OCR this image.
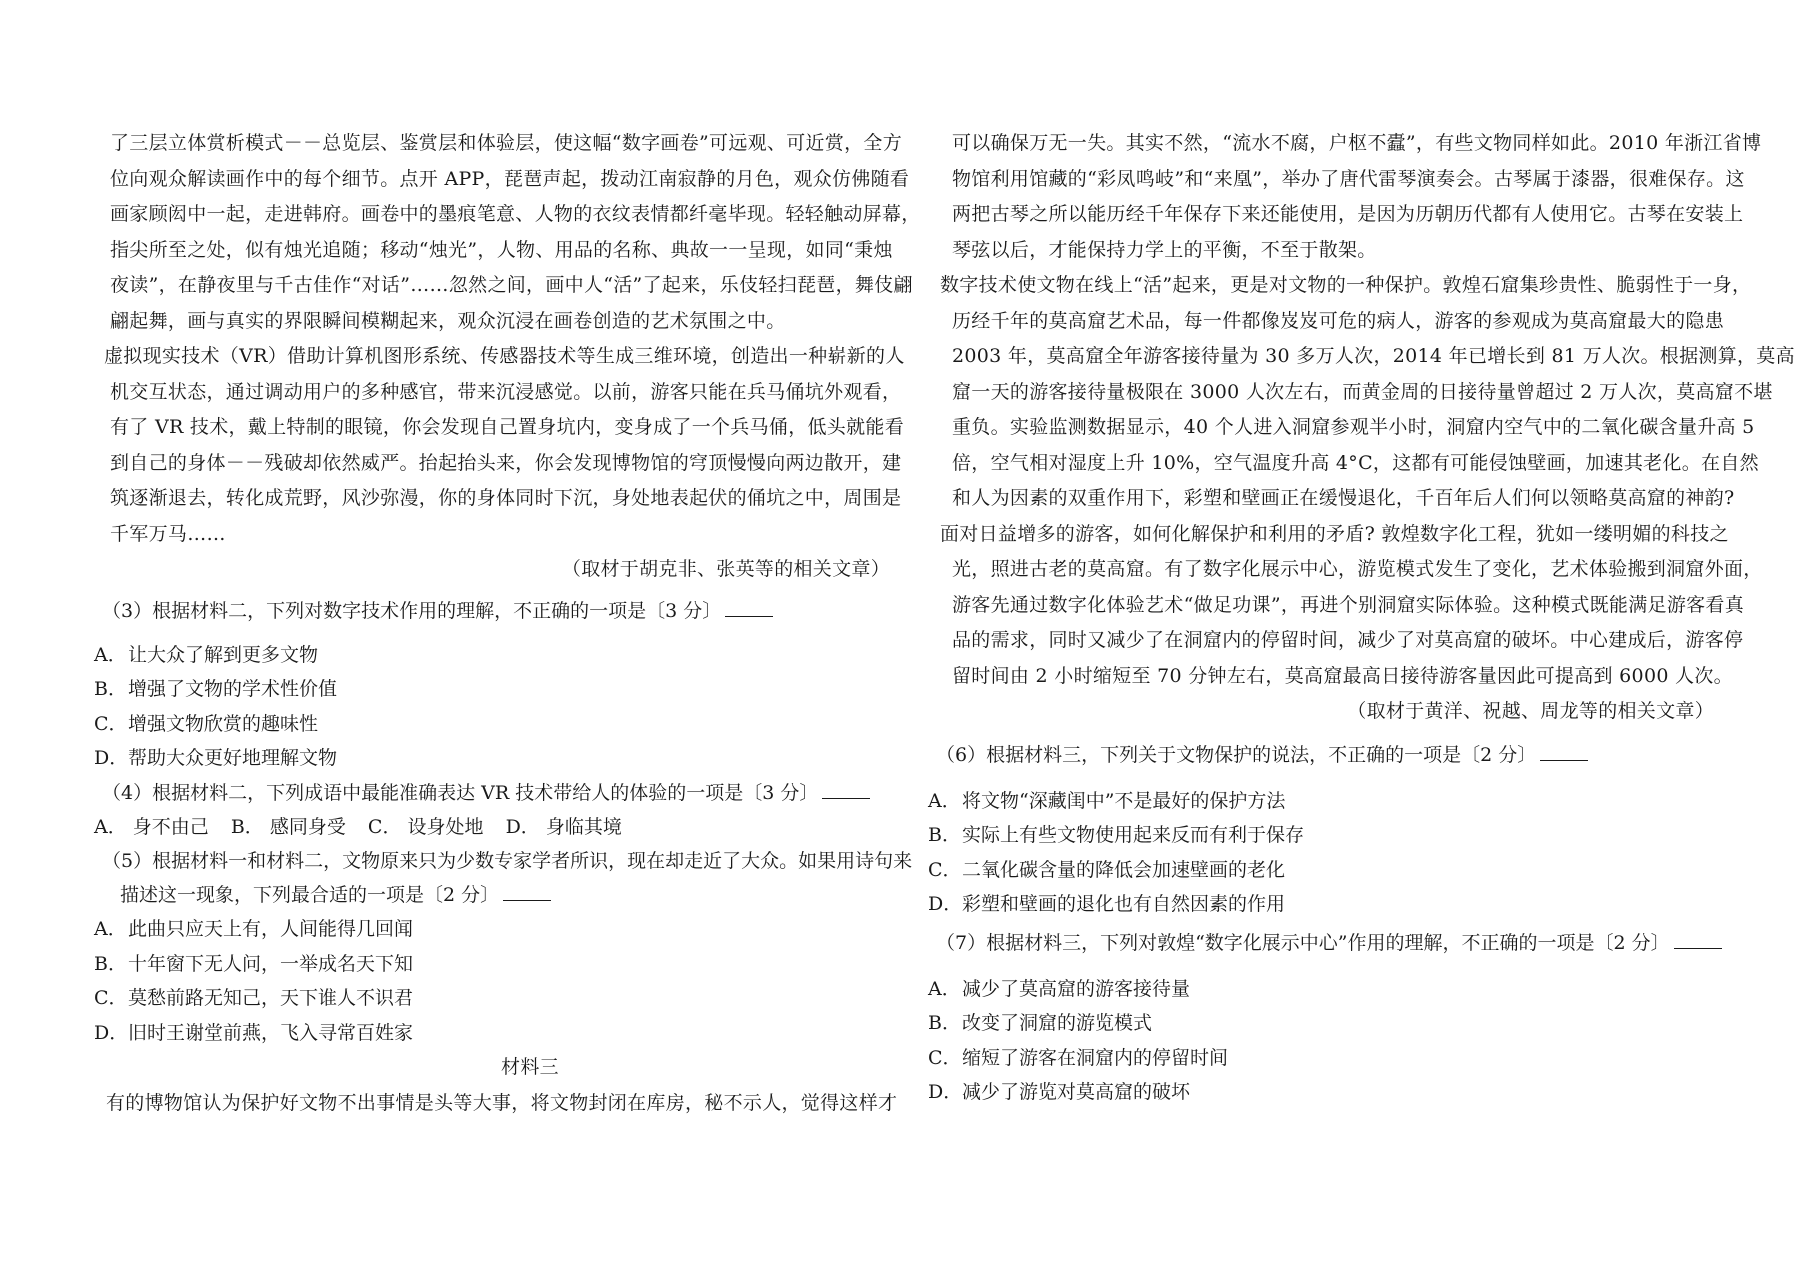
了三层立体赏析模式－－总览层、鉴赏层和体验层，使这幅“数字画卷”可远观、可近赏，全方
位向观众解读画作中的每个细节。点开 APP，琵琶声起，拨动江南寂静的月色，观众仿佛随看
画家顾闳中一起，走进韩府。画卷中的墨痕笔意、人物的衣纹表情都纤毫毕现。轻轻触动屏幕，
指尖所至之处，似有烛光追随；移动“烛光”，人物、用品的名称、典故一一呈现，如同“秉烛
夜读”，在静夜里与千古佳作“对话”……忽然之间，画中人“活”了起来，乐伎轻扫琵琶，舞伎翩
翩起舞，画与真实的界限瞬间模糊起来，观众沉浸在画卷创造的艺术氛围之中。
虚拟现实技术（VR）借助计算机图形系统、传感器技术等生成三维环境，创造出一种崭新的人
机交互状态，通过调动用户的多种感官，带来沉浸感觉。以前，游客只能在兵马俑坑外观看，
有了 VR 技术，戴上特制的眼镜，你会发现自己置身坑内，变身成了一个兵马俑，低头就能看
到自己的身体－－残破却依然威严。抬起抬头来，你会发现博物馆的穹顶慢慢向两边散开，建
筑逐渐退去，转化成荒野，风沙弥漫，你的身体同时下沉，身处地表起伏的俑坑之中，周围是
千军万马……
（取材于胡克非、张英等的相关文章）
（3）根据材料二，下列对数字技术作用的理解，不正确的一项是〔3 分〕
A．让大众了解到更多文物
B．增强了文物的学术性价值
C．增强文物欣赏的趣味性
D．帮助大众更好地理解文物
（4）根据材料二，下列成语中最能准确表达 VR 技术带给人的体验的一项是〔3 分〕
A． 身不由己 B． 感同身受 C． 设身处地 D． 身临其境
（5）根据材料一和材料二，文物原来只为少数专家学者所识，现在却走近了大众。如果用诗句来
描述这一现象，下列最合适的一项是〔2 分〕
A．此曲只应天上有，人间能得几回闻
B．十年窗下无人问，一举成名天下知
C．莫愁前路无知己，天下谁人不识君
D．旧时王谢堂前燕，飞入寻常百姓家
材料三
有的博物馆认为保护好文物不出事情是头等大事，将文物封闭在库房，秘不示人，觉得这样才
可以确保万无一失。其实不然，“流水不腐，户枢不蠹”，有些文物同样如此。2010 年浙江省博
物馆利用馆藏的“彩凤鸣岐”和“来凰”，举办了唐代雷琴演奏会。古琴属于漆器，很难保存。这
两把古琴之所以能历经千年保存下来还能使用，是因为历朝历代都有人使用它。古琴在安装上
琴弦以后，才能保持力学上的平衡，不至于散架。
数字技术使文物在线上“活”起来，更是对文物的一种保护。敦煌石窟集珍贵性、脆弱性于一身，
历经千年的莫高窟艺术品，每一件都像岌岌可危的病人，游客的参观成为莫高窟最大的隐患
2003 年，莫高窟全年游客接待量为 30 多万人次，2014 年已增长到 81 万人次。根据测算，莫高
窟一天的游客接待量极限在 3000 人次左右，而黄金周的日接待量曾超过 2 万人次，莫高窟不堪
重负。实验监测数据显示，40 个人进入洞窟参观半小时，洞窟内空气中的二氧化碳含量升高 5
倍，空气相对湿度上升 10%，空气温度升高 4°C，这都有可能侵蚀壁画，加速其老化。在自然
和人为因素的双重作用下，彩塑和壁画正在缓慢退化，千百年后人们何以领略莫高窟的神韵?
面对日益增多的游客，如何化解保护和利用的矛盾? 敦煌数字化工程，犹如一缕明媚的科技之
光，照进古老的莫高窟。有了数字化展示中心，游览模式发生了变化，艺术体验搬到洞窟外面，
游客先通过数字化体验艺术“做足功课”，再进个别洞窟实际体验。这种模式既能满足游客看真
品的需求，同时又减少了在洞窟内的停留时间，减少了对莫高窟的破坏。中心建成后，游客停
留时间由 2 小时缩短至 70 分钟左右，莫高窟最高日接待游客量因此可提高到 6000 人次。
（取材于黄洋、祝越、周龙等的相关文章）
（6）根据材料三，下列关于文物保护的说法，不正确的一项是〔2 分〕
A．将文物“深藏闺中”不是最好的保护方法
B．实际上有些文物使用起来反而有利于保存
C．二氧化碳含量的降低会加速壁画的老化
D．彩塑和壁画的退化也有自然因素的作用
（7）根据材料三，下列对敦煌“数字化展示中心”作用的理解，不正确的一项是〔2 分〕
A．减少了莫高窟的游客接待量
B．改变了洞窟的游览模式
C．缩短了游客在洞窟内的停留时间
D．减少了游览对莫高窟的破坏
